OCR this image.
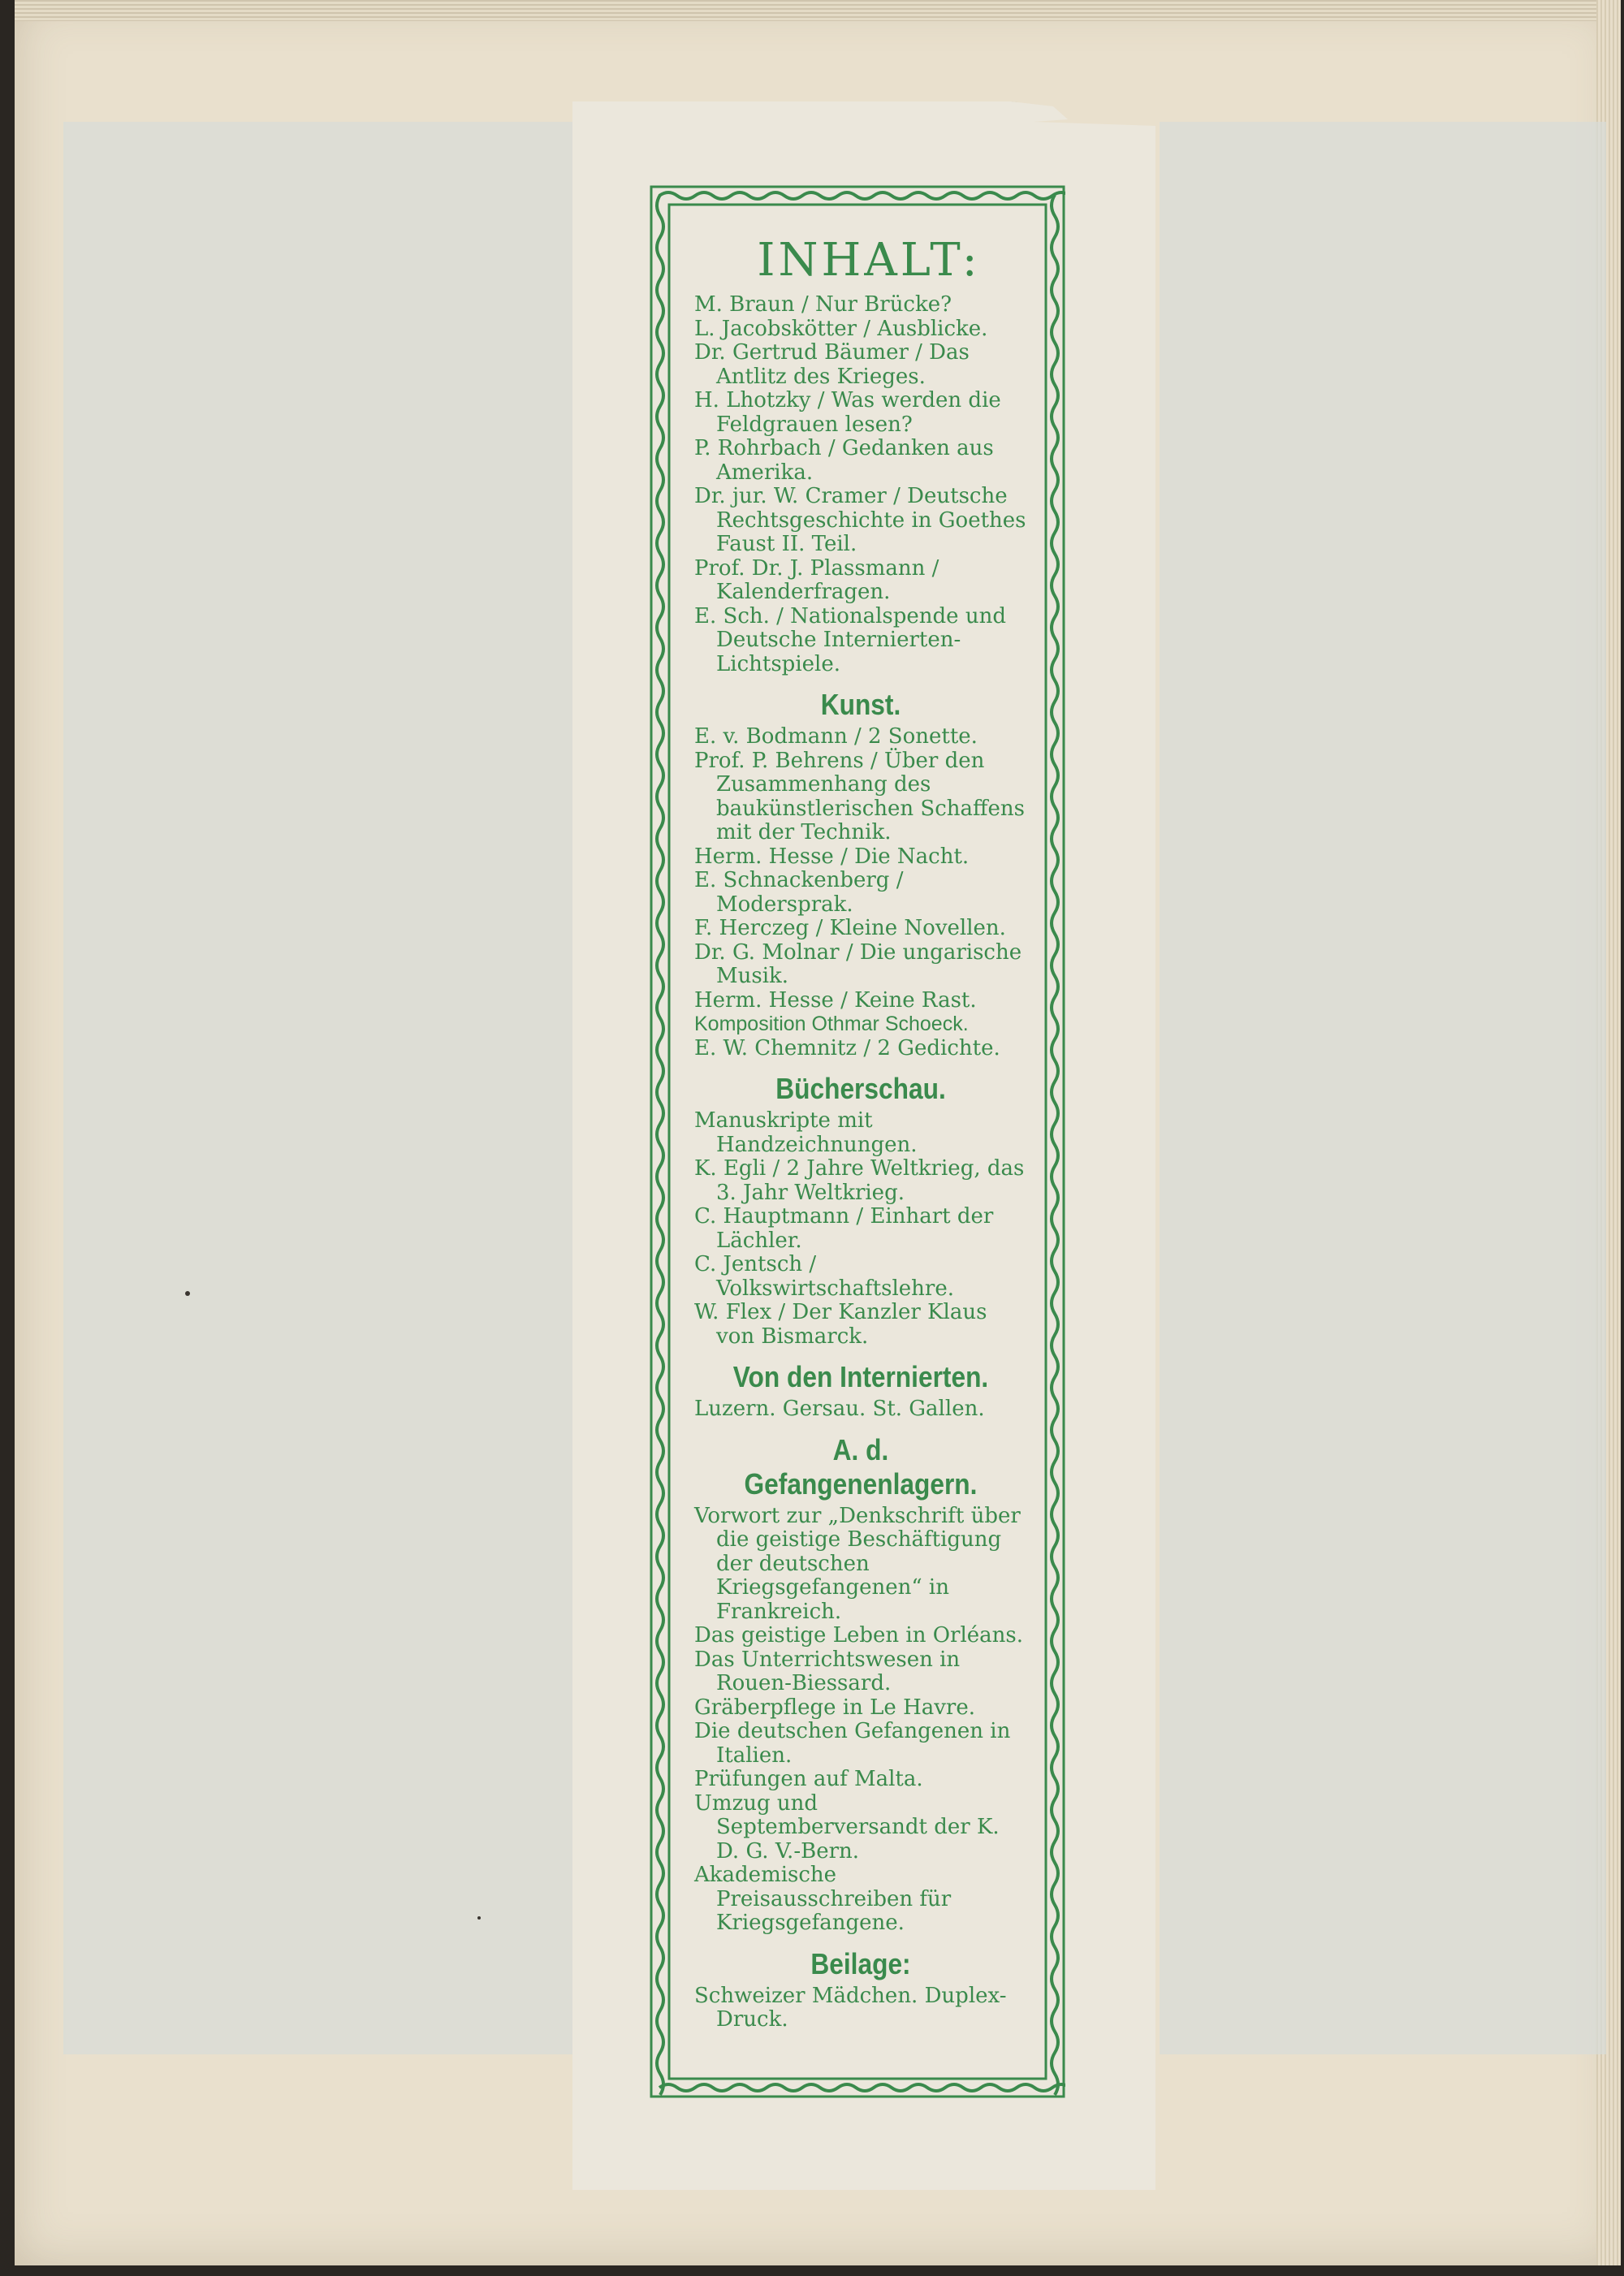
INHALT:

M. Braun / Nur Brücke?

L. Jacobskötter / Ausblicke.

Dr. Gertrud Bäumer / Das Antlitz des Krieges.

H. Lhotzky / Was werden die Feldgrauen lesen?

P. Rohrbach / Gedanken aus Amerika.

Dr. jur. W. Cramer / Deutsche Rechtsgeschichte in Goethes Faust II. Teil.

Prof. Dr. J. Plassmann / Kalenderfragen.

E. Sch. / Nationalspende und Deutsche Internierten-Lichtspiele.

Kunst.

E. v. Bodmann / 2 Sonette.

Prof. P. Behrens / Über den Zusammenhang des baukünstlerischen Schaffens mit der Technik.

Herm. Hesse / Die Nacht.

E. Schnackenberg / Modersprak.

F. Herczeg / Kleine Novellen.

Dr. G. Molnar / Die ungarische Musik.

Herm. Hesse / Keine Rast.

Komposition Othmar Schoeck.

E. W. Chemnitz / 2 Gedichte.

Bücherschau.

Manuskripte mit Handzeichnungen.

K. Egli / 2 Jahre Weltkrieg, das 3. Jahr Weltkrieg.

C. Hauptmann / Einhart der Lächler.

C. Jentsch / Volkswirtschaftslehre.

W. Flex / Der Kanzler Klaus von Bismarck.

Von den Internierten.

Luzern. Gersau. St. Gallen.

A. d. Gefangenenlagern.

Vorwort zur „Denkschrift über die geistige Beschäftigung der deutschen Kriegsgefangenen“ in Frankreich.

Das geistige Leben in Orléans.

Das Unterrichtswesen in Rouen-Biessard.

Gräberpflege in Le Havre.

Die deutschen Gefangenen in Italien.

Prüfungen auf Malta.

Umzug und Septemberversandt der K. D. G. V.-Bern.

Akademische Preisausschreiben für Kriegsgefangene.

Beilage:

Schweizer Mädchen. Duplex-Druck.
